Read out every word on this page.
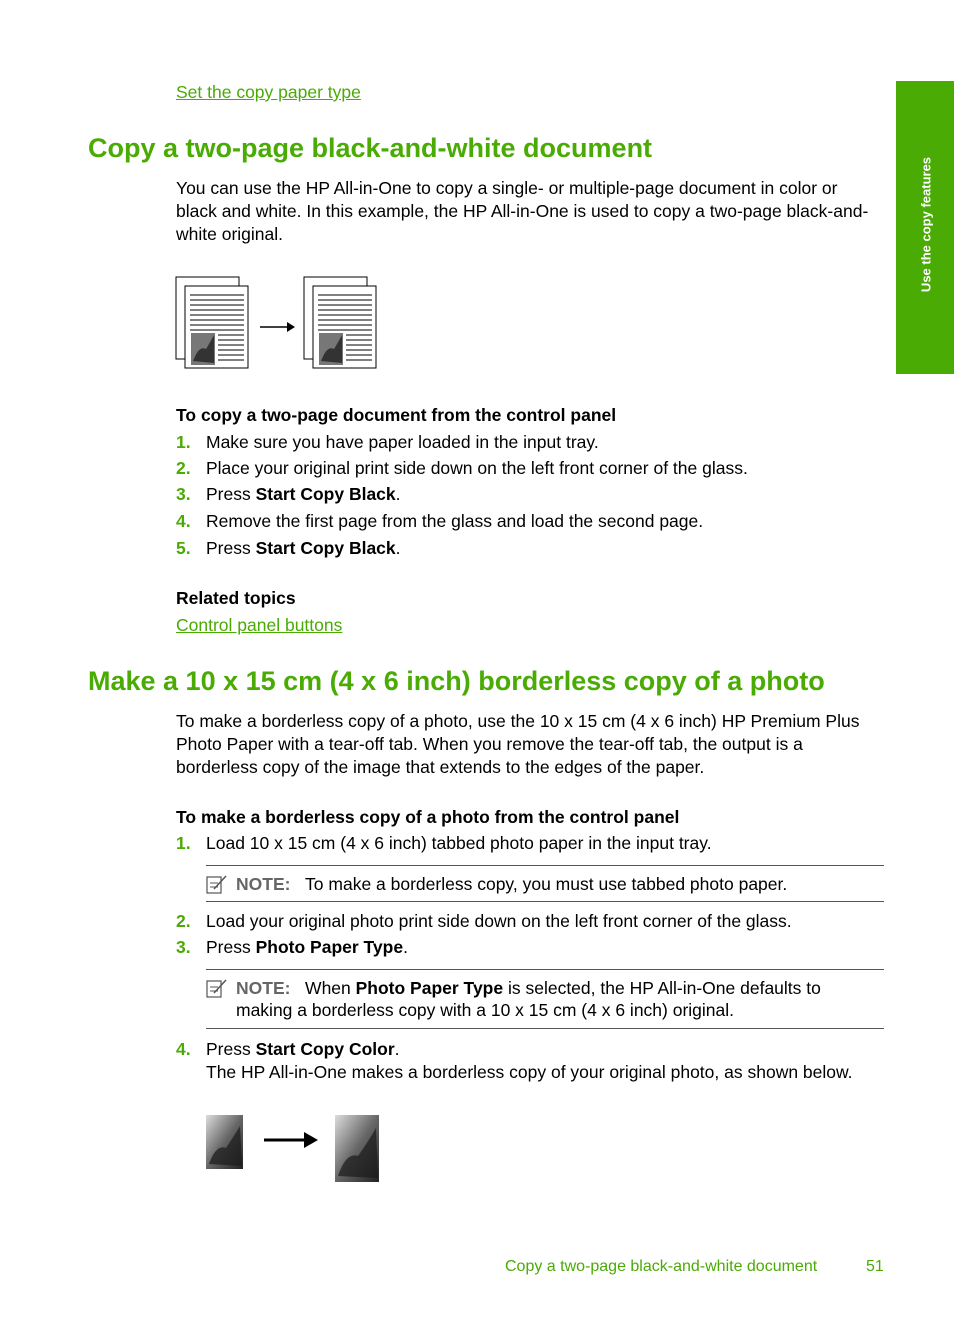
Set the copy paper type
Use the copy features
Copy a two-page black-and-white document
You can use the HP All-in-One to copy a single- or multiple-page document in color or black and white. In this example, the HP All-in-One is used to copy a two-page black-and-white original.
To copy a two-page document from the control panel
1. Make sure you have paper loaded in the input tray.
2. Place your original print side down on the left front corner of the glass.
3. Press Start Copy Black.
4. Remove the first page from the glass and load the second page.
5. Press Start Copy Black.
Related topics
Control panel buttons
Make a 10 x 15 cm (4 x 6 inch) borderless copy of a photo
To make a borderless copy of a photo, use the 10 x 15 cm (4 x 6 inch) HP Premium Plus Photo Paper with a tear-off tab. When you remove the tear-off tab, the output is a borderless copy of the image that extends to the edges of the paper.
To make a borderless copy of a photo from the control panel
1. Load 10 x 15 cm (4 x 6 inch) tabbed photo paper in the input tray.
NOTE: To make a borderless copy, you must use tabbed photo paper.
2. Load your original photo print side down on the left front corner of the glass.
3. Press Photo Paper Type.
NOTE: When Photo Paper Type is selected, the HP All-in-One defaults to
making a borderless copy with a 10 x 15 cm (4 x 6 inch) original.
4. Press Start Copy Color.
The HP All-in-One makes a borderless copy of your original photo, as shown below.
Copy a two-page black-and-white document	51
